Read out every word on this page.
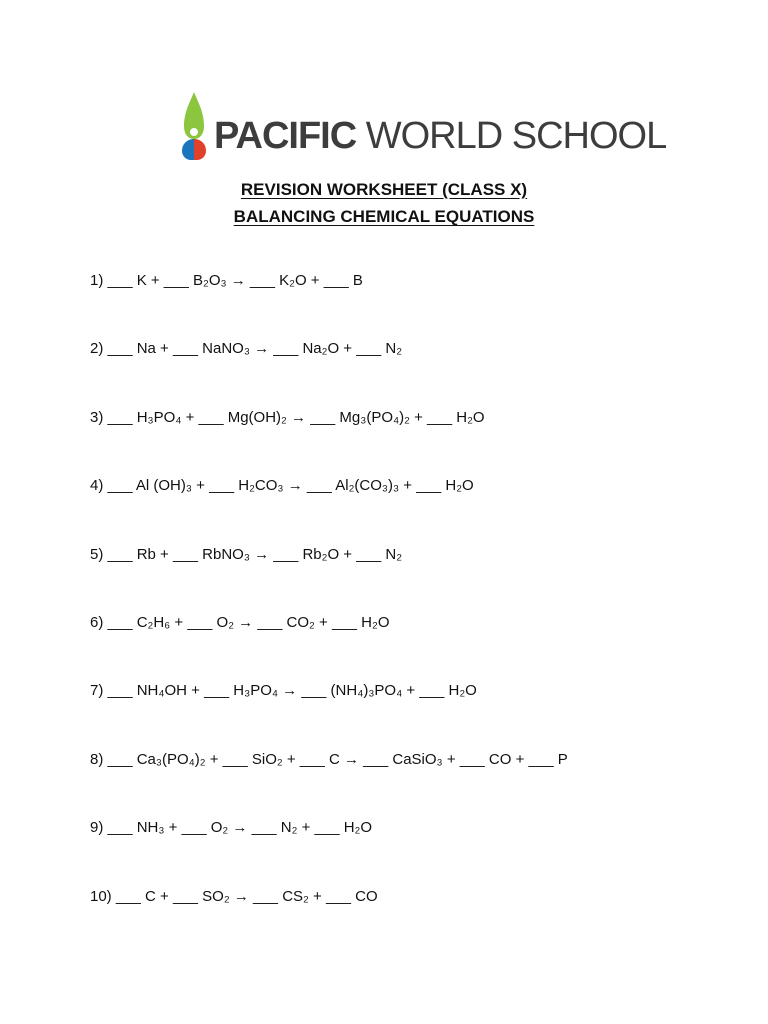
PACIFIC WORLD SCHOOL
REVISION WORKSHEET (CLASS X)
BALANCING CHEMICAL EQUATIONS
1) ___ K + ___ B₂O₃ → ___ K₂O + ___ B
2) ___ Na + ___ NaNO₃ → ___ Na₂O + ___ N₂
3) ___ H₃PO₄ + ___ Mg(OH)₂ → ___ Mg₃(PO₄)₂ + ___ H₂O
4) ___ Al (OH)₃ + ___ H₂CO₃ → ___ Al₂(CO₃)₃ + ___ H₂O
5) ___ Rb + ___ RbNO₃ → ___ Rb₂O + ___ N₂
6) ___ C₂H₆ + ___ O₂ → ___ CO₂ + ___ H₂O
7) ___ NH₄OH + ___ H₃PO₄ → ___ (NH₄)₃PO₄ + ___ H₂O
8) ___ Ca₃(PO₄)₂ + ___ SiO₂ + ___ C → ___ CaSiO₃ + ___ CO + ___ P
9) ___ NH₃ + ___ O₂ → ___ N₂ + ___ H₂O
10) ___ C + ___ SO₂ → ___ CS₂ + ___ CO
